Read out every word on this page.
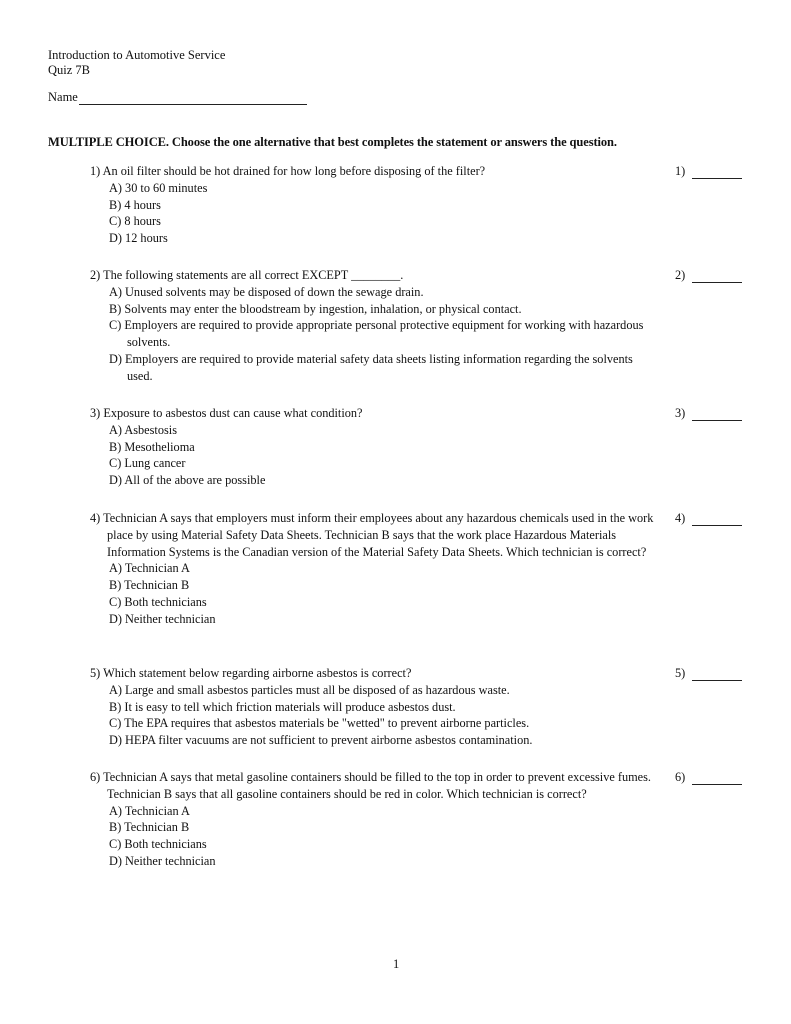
Introduction to Automotive Service
Quiz 7B
Name
MULTIPLE CHOICE. Choose the one alternative that best completes the statement or answers the question.
1) An oil filter should be hot drained for how long before disposing of the filter?
A) 30 to 60 minutes
B) 4 hours
C) 8 hours
D) 12 hours
1)
2) The following statements are all correct EXCEPT ________.
A) Unused solvents may be disposed of down the sewage drain.
B) Solvents may enter the bloodstream by ingestion, inhalation, or physical contact.
C) Employers are required to provide appropriate personal protective equipment for working with hazardous solvents.
D) Employers are required to provide material safety data sheets listing information regarding the solvents used.
2)
3) Exposure to asbestos dust can cause what condition?
A) Asbestosis
B) Mesothelioma
C) Lung cancer
D) All of the above are possible
3)
4) Technician A says that employers must inform their employees about any hazardous chemicals used in the work place by using Material Safety Data Sheets. Technician B says that the work place Hazardous Materials Information Systems is the Canadian version of the Material Safety Data Sheets. Which technician is correct?
A) Technician A
B) Technician B
C) Both technicians
D) Neither technician
4)
5) Which statement below regarding airborne asbestos is correct?
A) Large and small asbestos particles must all be disposed of as hazardous waste.
B) It is easy to tell which friction materials will produce asbestos dust.
C) The EPA requires that asbestos materials be "wetted" to prevent airborne particles.
D) HEPA filter vacuums are not sufficient to prevent airborne asbestos contamination.
5)
6) Technician A says that metal gasoline containers should be filled to the top in order to prevent excessive fumes. Technician B says that all gasoline containers should be red in color. Which technician is correct?
A) Technician A
B) Technician B
C) Both technicians
D) Neither technician
6)
1
